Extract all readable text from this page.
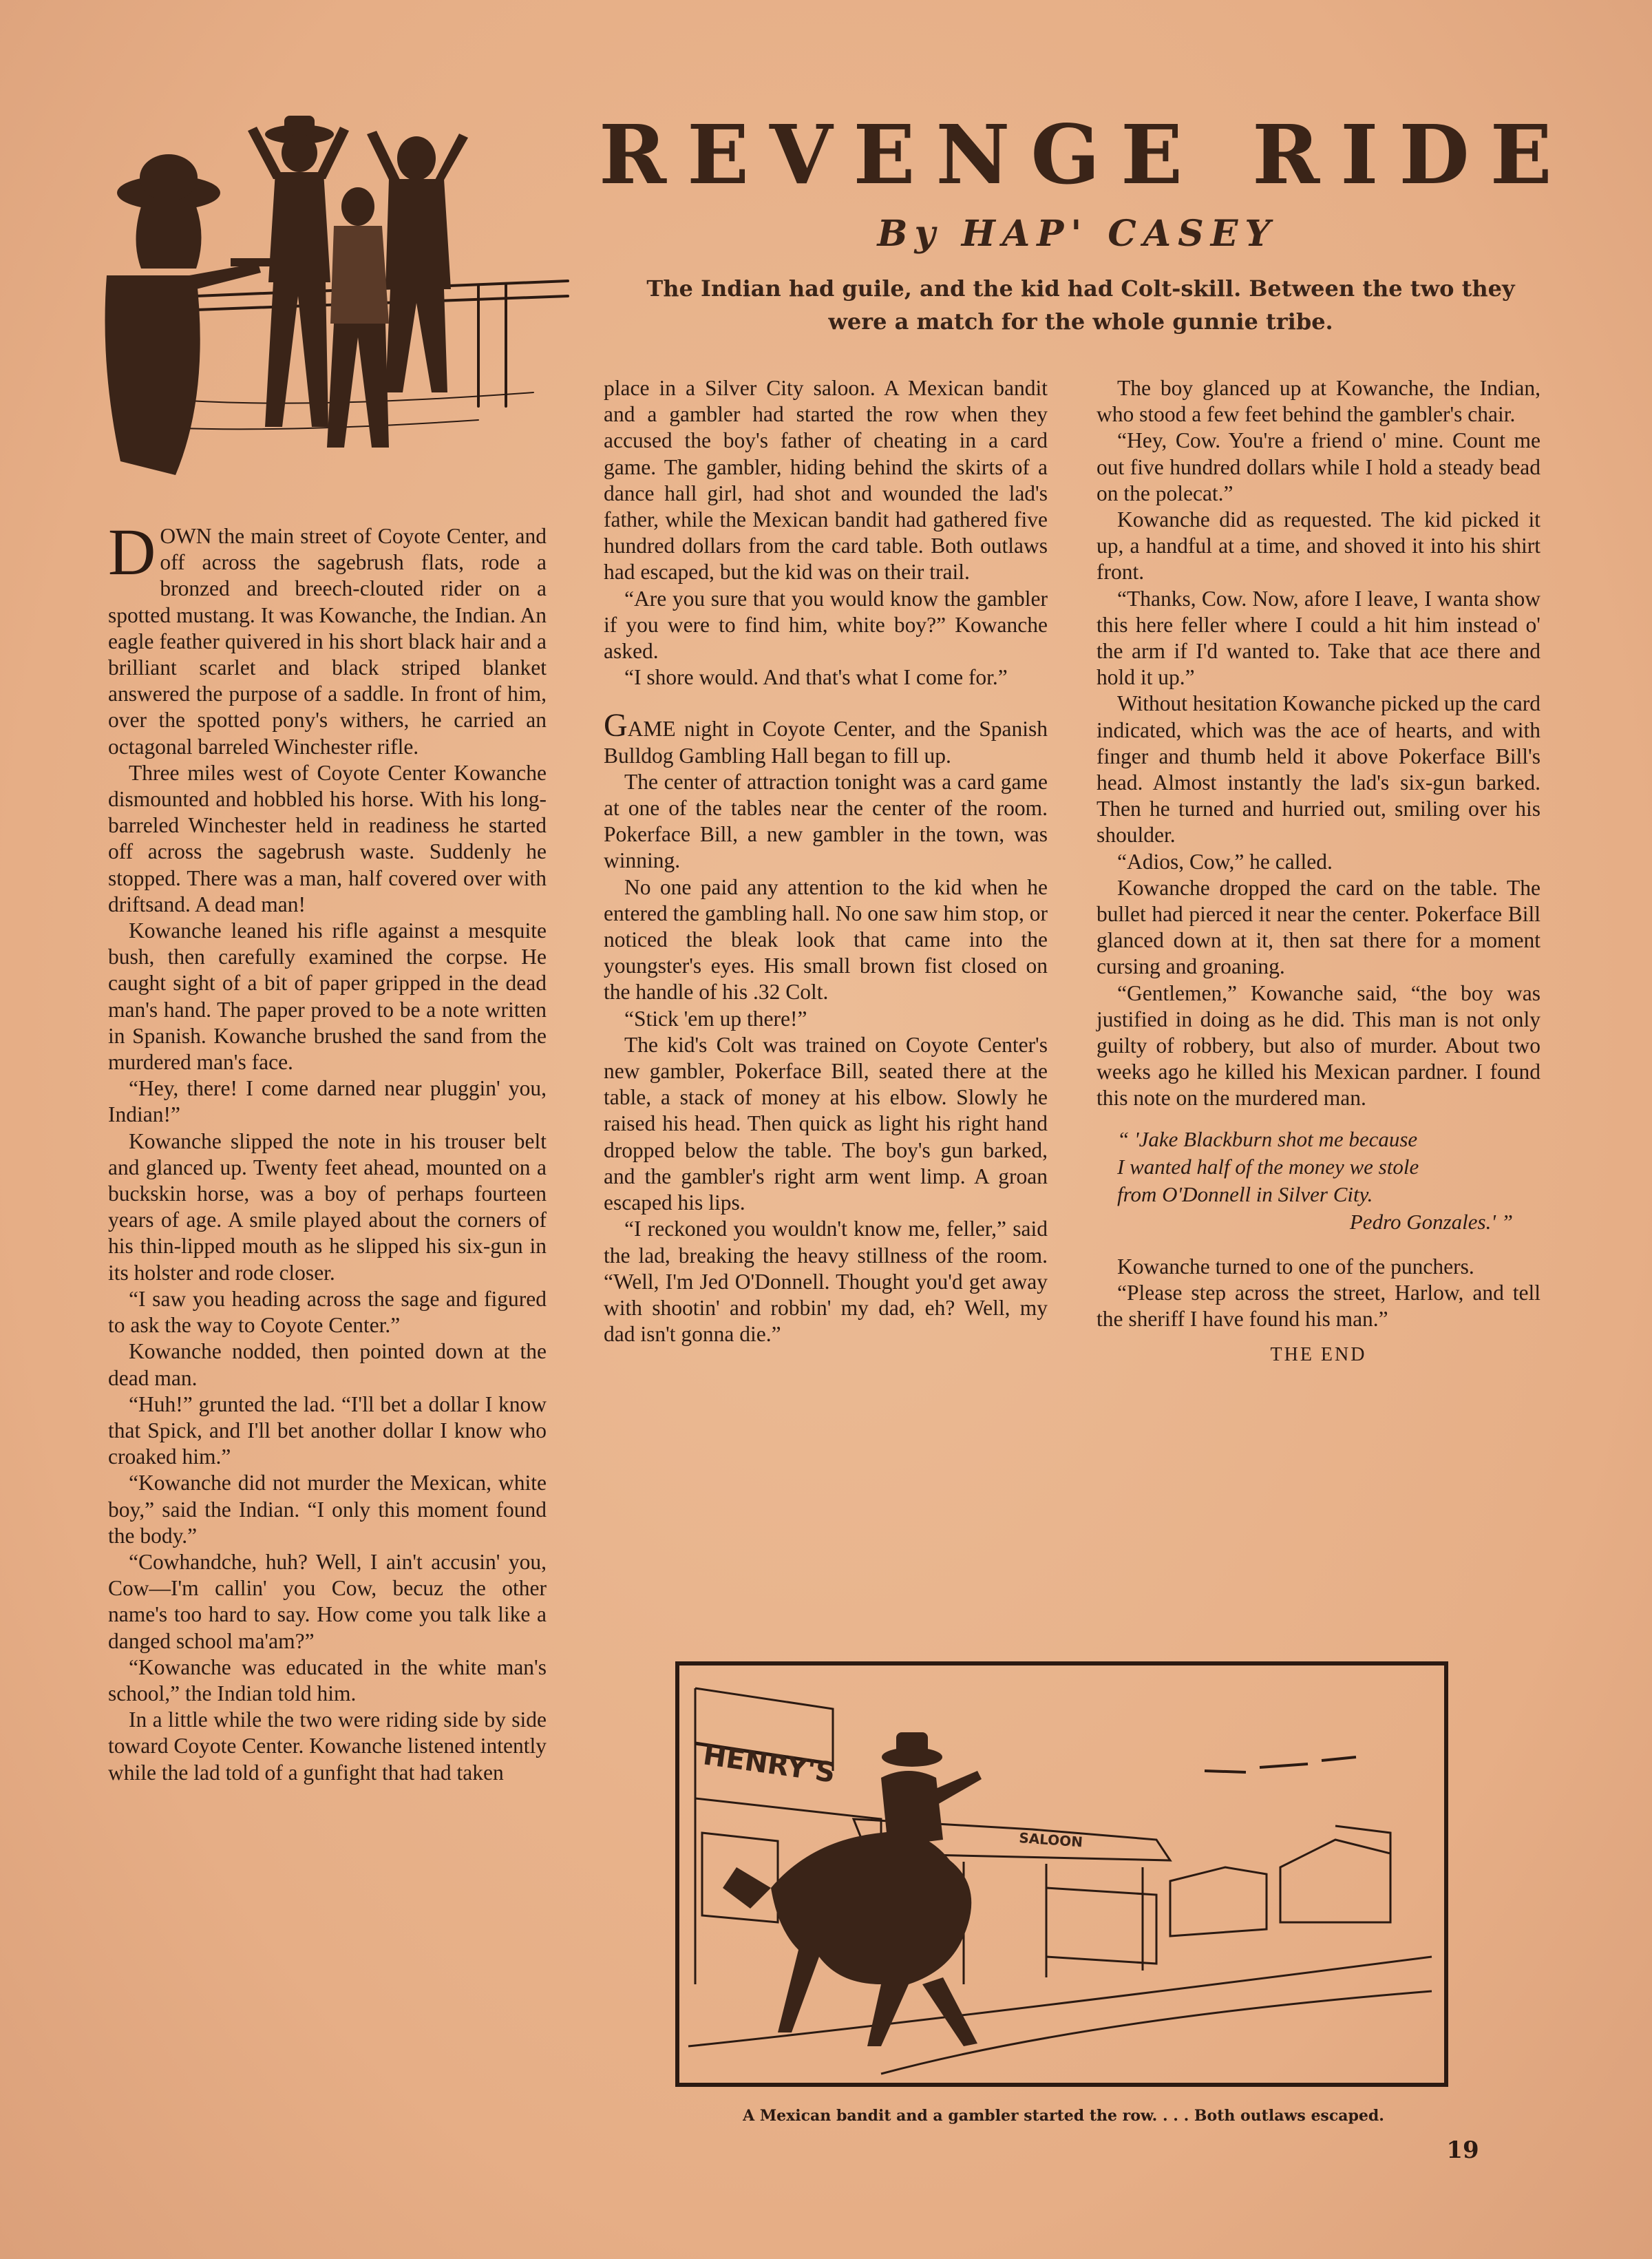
REVENGE RIDE
By HAP' CASEY

The Indian had guile, and the kid had Colt-skill. Between the two they were a match for the whole gunnie tribe.

DOWN the main street of Coyote Center, and off across the sagebrush flats, rode a bronzed and breech-clouted rider on a spotted mustang. It was Kowanche, the Indian. An eagle feather quivered in his short black hair and a brilliant scarlet and black striped blanket answered the purpose of a saddle. In front of him, over the spotted pony's withers, he carried an octagonal barreled Winchester rifle.

Three miles west of Coyote Center Kowanche dismounted and hobbled his horse. With his long-barreled Winchester held in readiness he started off across the sagebrush waste. Suddenly he stopped. There was a man, half covered over with driftsand. A dead man!

Kowanche leaned his rifle against a mesquite bush, then carefully examined the corpse. He caught sight of a bit of paper gripped in the dead man's hand. The paper proved to be a note written in Spanish. Kowanche brushed the sand from the murdered man's face.

“Hey, there! I come darned near pluggin' you, Indian!”

Kowanche slipped the note in his trouser belt and glanced up. Twenty feet ahead, mounted on a buckskin horse, was a boy of perhaps fourteen years of age. A smile played about the corners of his thin-lipped mouth as he slipped his six-gun in its holster and rode closer.

“I saw you heading across the sage and figured to ask the way to Coyote Center.”

Kowanche nodded, then pointed down at the dead man.

“Huh!” grunted the lad. “I'll bet a dollar I know that Spick, and I'll bet another dollar I know who croaked him.”

“Kowanche did not murder the Mexican, white boy,” said the Indian. “I only this moment found the body.”

“Cowhandche, huh? Well, I ain't accusin' you, Cow—I'm callin' you Cow, becuz the other name's too hard to say. How come you talk like a danged school ma'am?”

“Kowanche was educated in the white man's school,” the Indian told him.

In a little while the two were riding side by side toward Coyote Center. Kowanche listened intently while the lad told of a gunfight that had taken

place in a Silver City saloon. A Mexican bandit and a gambler had started the row when they accused the boy's father of cheating in a card game. The gambler, hiding behind the skirts of a dance hall girl, had shot and wounded the lad's father, while the Mexican bandit had gathered five hundred dollars from the card table. Both outlaws had escaped, but the kid was on their trail.

“Are you sure that you would know the gambler if you were to find him, white boy?” Kowanche asked.

“I shore would. And that's what I come for.”

GAME night in Coyote Center, and the Spanish Bulldog Gambling Hall began to fill up.

The center of attraction tonight was a card game at one of the tables near the center of the room. Pokerface Bill, a new gambler in the town, was winning.

No one paid any attention to the kid when he entered the gambling hall. No one saw him stop, or noticed the bleak look that came into the youngster's eyes. His small brown fist closed on the handle of his .32 Colt.

“Stick 'em up there!”

The kid's Colt was trained on Coyote Center's new gambler, Pokerface Bill, seated there at the table, a stack of money at his elbow. Slowly he raised his head. Then quick as light his right hand dropped below the table. The boy's gun barked, and the gambler's right arm went limp. A groan escaped his lips.

“I reckoned you wouldn't know me, feller,” said the lad, breaking the heavy stillness of the room. “Well, I'm Jed O'Donnell. Thought you'd get away with shootin' and robbin' my dad, eh? Well, my dad isn't gonna die.”

The boy glanced up at Kowanche, the Indian, who stood a few feet behind the gambler's chair.

“Hey, Cow. You're a friend o' mine. Count me out five hundred dollars while I hold a steady bead on the polecat.”

Kowanche did as requested. The kid picked it up, a handful at a time, and shoved it into his shirt front.

“Thanks, Cow. Now, afore I leave, I wanta show this here feller where I could a hit him instead o' the arm if I'd wanted to. Take that ace there and hold it up.”

Without hesitation Kowanche picked up the card indicated, which was the ace of hearts, and with finger and thumb held it above Pokerface Bill's head. Almost instantly the lad's six-gun barked. Then he turned and hurried out, smiling over his shoulder.

“Adios, Cow,” he called.

Kowanche dropped the card on the table. The bullet had pierced it near the center. Pokerface Bill glanced down at it, then sat there for a moment cursing and groaning.

“Gentlemen,” Kowanche said, “the boy was justified in doing as he did. This man is not only guilty of robbery, but also of murder. About two weeks ago he killed his Mexican pardner. I found this note on the murdered man.

“ 'Jake Blackburn shot me because

I wanted half of the money we stole

from O'Donnell in Silver City.

Pedro Gonzales.' ”

Kowanche turned to one of the punchers.

“Please step across the street, Harlow, and tell the sheriff I have found his man.”

THE END
HENRY'S
SALOON

A Mexican bandit and a gambler started the row. . . . Both outlaws escaped.

19
